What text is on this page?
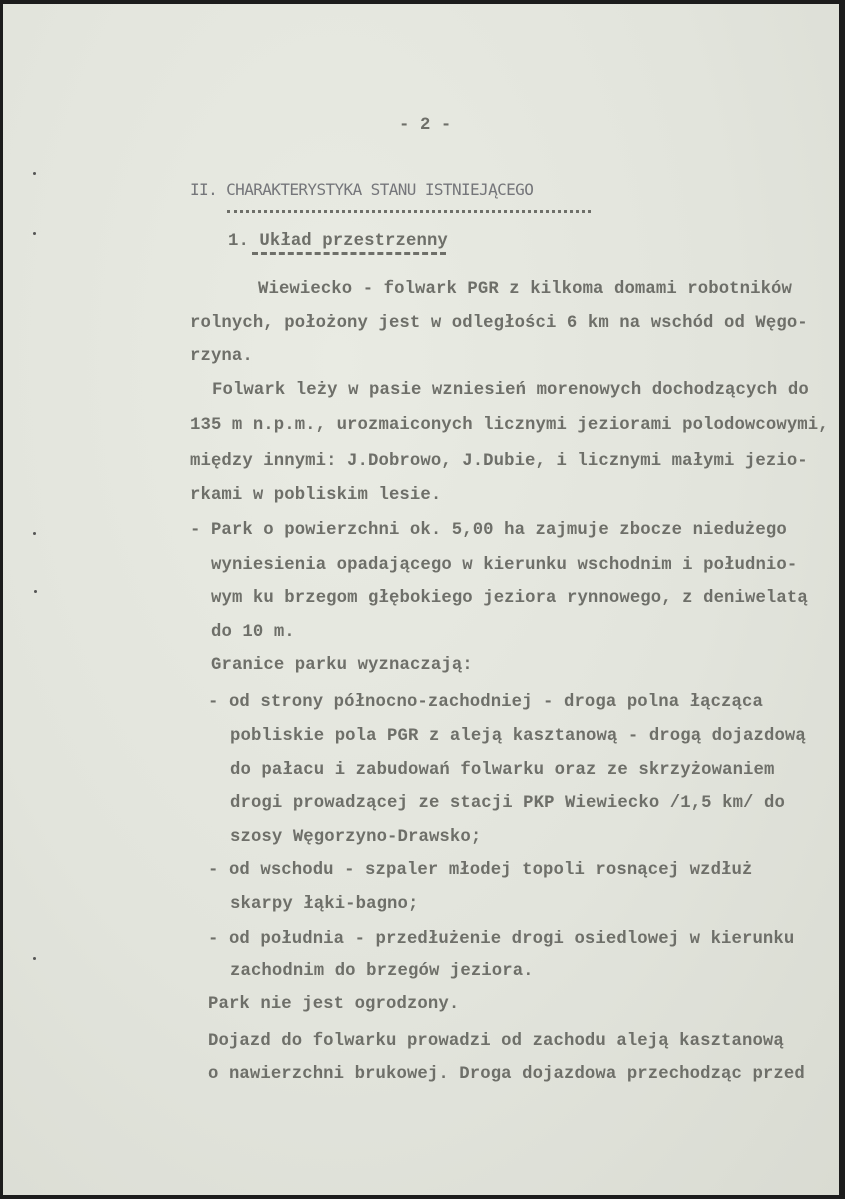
- 2 -
II. CHARAKTERYSTYKA STANU ISTNIEJĄCEGO
1. Układ przestrzenny
Wiewiecko - folwark PGR z kilkoma domami robotników
rolnych, położony jest w odległości 6 km na wschód od Węgo-
rzyna.
Folwark leży w pasie wzniesień morenowych dochodzących do
135 m n.p.m., urozmaiconych licznymi jeziorami polodowcowymi,
między innymi: J.Dobrowo, J.Dubie, i licznymi małymi jezio-
rkami w pobliskim lesie.
- Park o powierzchni ok. 5,00 ha zajmuje zbocze niedużego
wyniesienia opadającego w kierunku wschodnim i południo-
wym ku brzegom głębokiego jeziora rynnowego, z deniwelatą
do 10 m.
Granice parku wyznaczają:
- od strony północno-zachodniej - droga polna łącząca
pobliskie pola PGR z aleją kasztanową - drogą dojazdową
do pałacu i zabudowań folwarku oraz ze skrzyżowaniem
drogi prowadzącej ze stacji PKP Wiewiecko /1,5 km/ do
szosy Węgorzyno-Drawsko;
- od wschodu - szpaler młodej topoli rosnącej wzdłuż
skarpy łąki-bagno;
- od południa - przedłużenie drogi osiedlowej w kierunku
zachodnim do brzegów jeziora.
Park nie jest ogrodzony.
Dojazd do folwarku prowadzi od zachodu aleją kasztanową
o nawierzchni brukowej. Droga dojazdowa przechodząc przed
